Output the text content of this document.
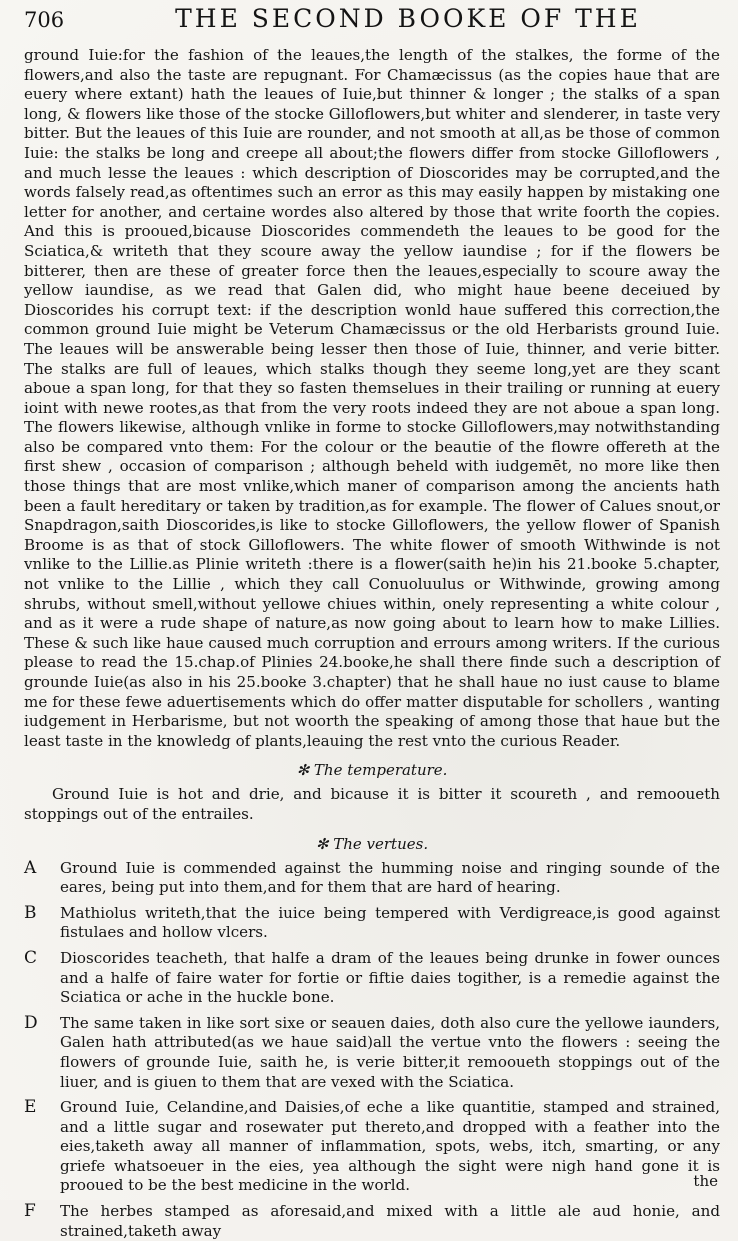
706	THE SECOND BOOKE OF THE

ground Iuie:for the fashion of the leaues,the length of the stalkes, the forme of the flowers,and also the taste are repugnant. For Chamæcissus (as the copies haue that are euery where extant) hath the leaues of Iuie,but thinner & longer ; the stalks of a span long, & flowers like those of the stocke Gilloflowers,but whiter and slenderer, in taste very bitter. But the leaues of this Iuie are rounder, and not smooth at all,as be those of common Iuie: the stalks be long and creepe all about;the flowers differ from stocke Gilloflowers , and much lesse the leaues : which description of Dioscorides may be corrupted,and the words falsely read,as oftentimes such an error as this may easily happen by mistaking one letter for another, and certaine wordes also altered by those that write foorth the copies. And this is prooued,bicause Dioscorides commendeth the leaues to be good for the Sciatica,& writeth that they scoure away the yellow iaundise ; for if the flowers be bitterer, then are these of greater force then the leaues,especially to scoure away the yellow iaundise, as we read that Galen did, who might haue beene deceiued by Dioscorides his corrupt text: if the description wonld haue suffered this correction,the common ground Iuie might be Veterum Chamæcissus or the old Herbarists ground Iuie. The leaues will be answerable being lesser then those of Iuie, thinner, and verie bitter. The stalks are full of leaues, which stalks though they seeme long,yet are they scant aboue a span long, for that they so fasten themselues in their trailing or running at euery ioint with newe rootes,as that from the very roots indeed they are not aboue a span long. The flowers likewise, although vnlike in forme to stocke Gilloflowers,may notwithstanding also be compared vnto them: For the colour or the beautie of the flowre offereth at the first shew , occasion of comparison ; although beheld with iudgemēt, no more like then those things that are most vnlike,which maner of comparison among the ancients hath been a fault hereditary or taken by tradition,as for example. The flower of Calues snout,or Snapdragon,saith Dioscorides,is like to stocke Gilloflowers, the yellow flower of Spanish Broome is as that of stock Gilloflowers. The white flower of smooth Withwinde is not vnlike to the Lillie.as Plinie writeth :there is a flower(saith he)in his 21.booke 5.chapter, not vnlike to the Lillie , which they call Conuoluulus or Withwinde, growing among shrubs, without smell,without yellowe chiues within, onely representing a white colour , and as it were a rude shape of nature,as now going about to learn how to make Lillies. These & such like haue caused much corruption and errours among writers. If the curious please to read the 15.chap.of Plinies 24.booke,he shall there finde such a description of grounde Iuie(as also in his 25.booke 3.chapter) that he shall haue no iust cause to blame me for these fewe aduertisements which do offer matter disputable for schollers , wanting iudgement in Herbarisme, but not woorth the speaking of among those that haue but the least taste in the knowledg of plants,leauing the rest vnto the curious Reader.

✻ The temperature.

Ground Iuie is hot and drie, and bicause it is bitter it scoureth , and remooueth stoppings out of the entrailes.

✻ The vertues.
A Ground Iuie is commended against the humming noise and ringing sounde of the eares, being put into them,and for them that are hard of hearing.
B Mathiolus writeth,that the iuice being tempered with Verdigreace,is good against fistulaes and hollow vlcers.
C Dioscorides teacheth, that halfe a dram of the leaues being drunke in fower ounces and a halfe of faire water for fortie or fiftie daies togither, is a remedie against the Sciatica or ache in the huckle bone.
D The same taken in like sort sixe or seauen daies, doth also cure the yellowe iaunders, Galen hath attributed(as we haue said)all the vertue vnto the flowers : seeing the flowers of grounde Iuie, saith he, is verie bitter,it remooueth stoppings out of the liuer, and is giuen to them that are vexed with the Sciatica.
E Ground Iuie, Celandine,and Daisies,of eche a like quantitie, stamped and strained, and a little sugar and rosewater put thereto,and dropped with a feather into the eies,taketh away all manner of inflammation, spots, webs, itch, smarting, or any griefe whatsoeuer in the eies, yea although the sight were nigh hand gone it is prooued to be the best medicine in the world.
F The herbes stamped as aforesaid,and mixed with a little ale aud honie, and strained,taketh away
the
